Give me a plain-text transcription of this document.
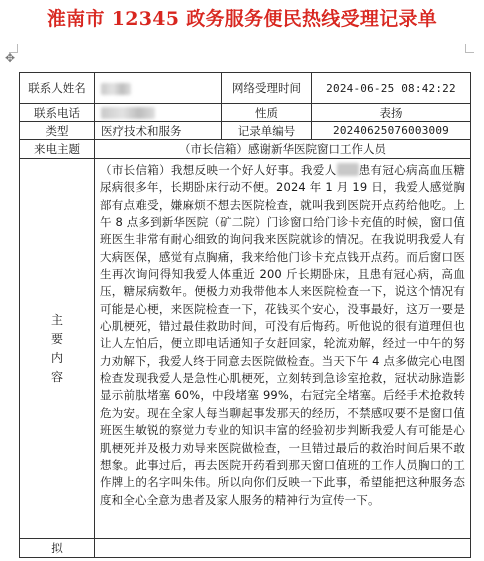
淮南市 12345 政务服务便民热线受理记录单
✥
联系人姓名		网络受理时间	2024-06-25 08:42:22
联系电话		性质	表扬
类型	医疗技术和服务	记录单编号	20240625076003009
来电主题	（市长信箱）感谢新华医院窗口工作人员		
主要内容	（市长信箱）我想反映一个好人好事。我爱人 患有冠心病高血压糖尿病很多年，长期卧床行动不便。2024 年 1 月 19 日，我爱人感觉胸部有点难受，嫌麻烦不想去医院检查，就叫我到医院开点药给他吃。上午 8 点多到新华医院（矿二院）门诊窗口给门诊卡充值的时候，窗口值班医生非常有耐心细致的询问我来医院就诊的情况。在我说明我爱人有大病医保，感觉有点胸痛，我来给他门诊卡充点钱开点药。而后窗口医生再次询问得知我爱人体重近 200 斤长期卧床，且患有冠心病，高血压，糖尿病数年。便极力劝我带他本人来医院检查一下，说这个情况有可能是心梗，来医院检查一下，花钱买个安心，没事最好，这万一要是心肌梗死，错过最佳救助时间，可没有后悔药。听他说的很有道理但也让人左怕后，便立即电话通知子女赶回家，轮流劝解，经过一中午的努力劝解下，我爱人终于同意去医院做检查。当天下午 4 点多做完心电图检查发现我爱人是急性心肌梗死，立刻转到急诊室抢救，冠状动脉造影显示前肽堵塞 60%，中段堵塞 99%，右冠完全堵塞。后经手术抢救转危为安。现在全家人每当聊起事发那天的经历，不禁感叹要不是窗口值班医生敏锐的察觉力专业的知识丰富的经验初步判断我爱人有可能是心肌梗死并及极力劝导来医院做检查，一旦错过最后的救治时间后果不敢想象。此事过后，再去医院开药看到那天窗口值班的工作人员胸口的工作牌上的名字叫朱伟。所以向你们反映一下此事，希望能把这种服务态度和全心全意为患者及家人服务的精神行为宣传一下。		
拟			
